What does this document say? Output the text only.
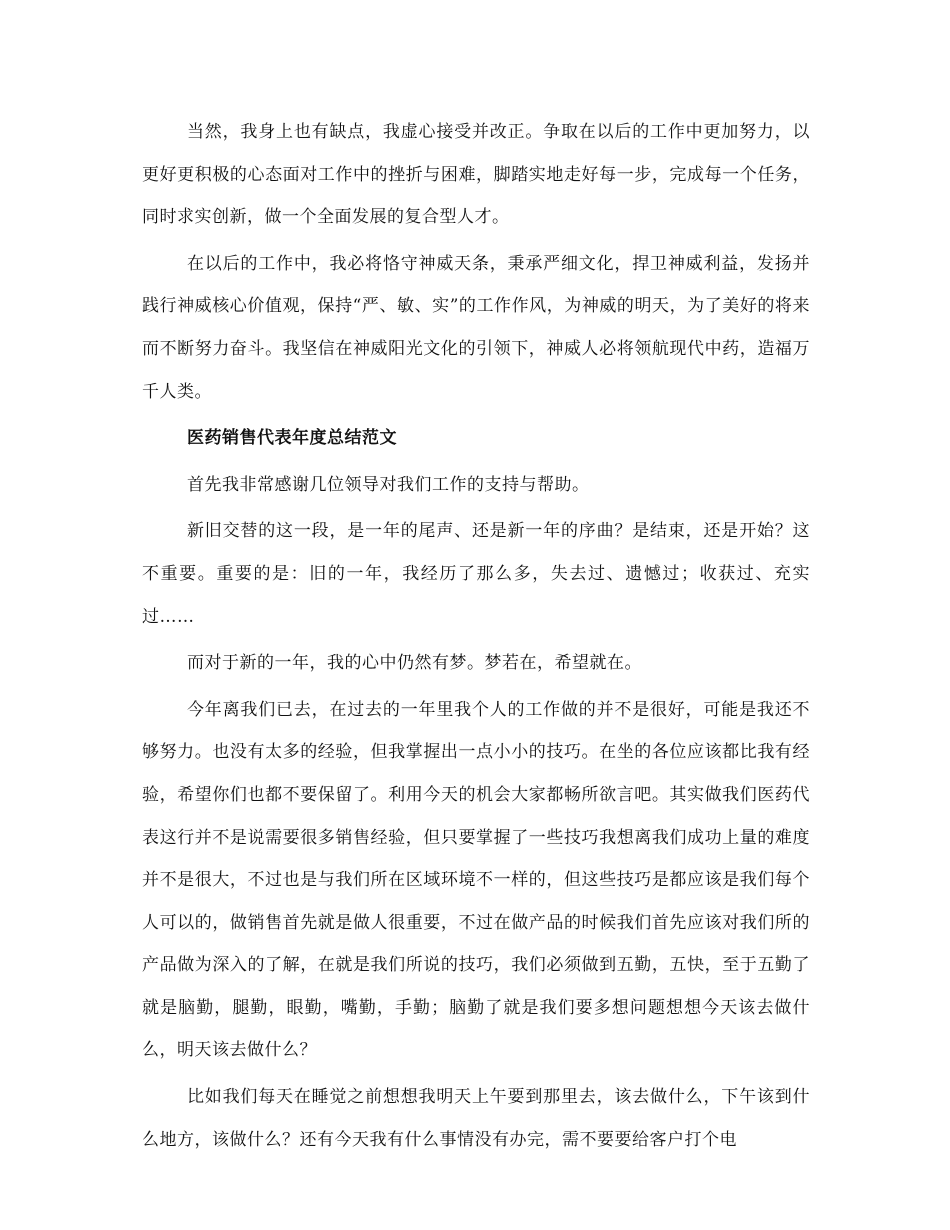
当然，我身上也有缺点，我虚心接受并改正。争取在以后的工作中更加努力，以更好更积极的心态面对工作中的挫折与困难，脚踏实地走好每一步，完成每一个任务，同时求实创新，做一个全面发展的复合型人才。

在以后的工作中，我必将恪守神威天条，秉承严细文化，捍卫神威利益，发扬并践行神威核心价值观，保持“严、敏、实”的工作作风，为神威的明天，为了美好的将来而不断努力奋斗。我坚信在神威阳光文化的引领下，神威人必将领航现代中药，造福万千人类。

医药销售代表年度总结范文

首先我非常感谢几位领导对我们工作的支持与帮助。

新旧交替的这一段，是一年的尾声、还是新一年的序曲？是结束，还是开始？这不重要。重要的是：旧的一年，我经历了那么多，失去过、遗憾过；收获过、充实过……

而对于新的一年，我的心中仍然有梦。梦若在，希望就在。

今年离我们已去，在过去的一年里我个人的工作做的并不是很好，可能是我还不够努力。也没有太多的经验，但我掌握出一点小小的技巧。在坐的各位应该都比我有经验，希望你们也都不要保留了。利用今天的机会大家都畅所欲言吧。其实做我们医药代表这行并不是说需要很多销售经验，但只要掌握了一些技巧我想离我们成功上量的难度并不是很大，不过也是与我们所在区域环境不一样的，但这些技巧是都应该是我们每个人可以的，做销售首先就是做人很重要，不过在做产品的时候我们首先应该对我们所的产品做为深入的了解，在就是我们所说的技巧，我们必须做到五勤，五快，至于五勤了就是脑勤，腿勤，眼勤，嘴勤，手勤；脑勤了就是我们要多想问题想想今天该去做什么，明天该去做什么？

比如我们每天在睡觉之前想想我明天上午要到那里去，该去做什么，下午该到什么地方，该做什么？还有今天我有什么事情没有办完，需不要要给客户打个电
